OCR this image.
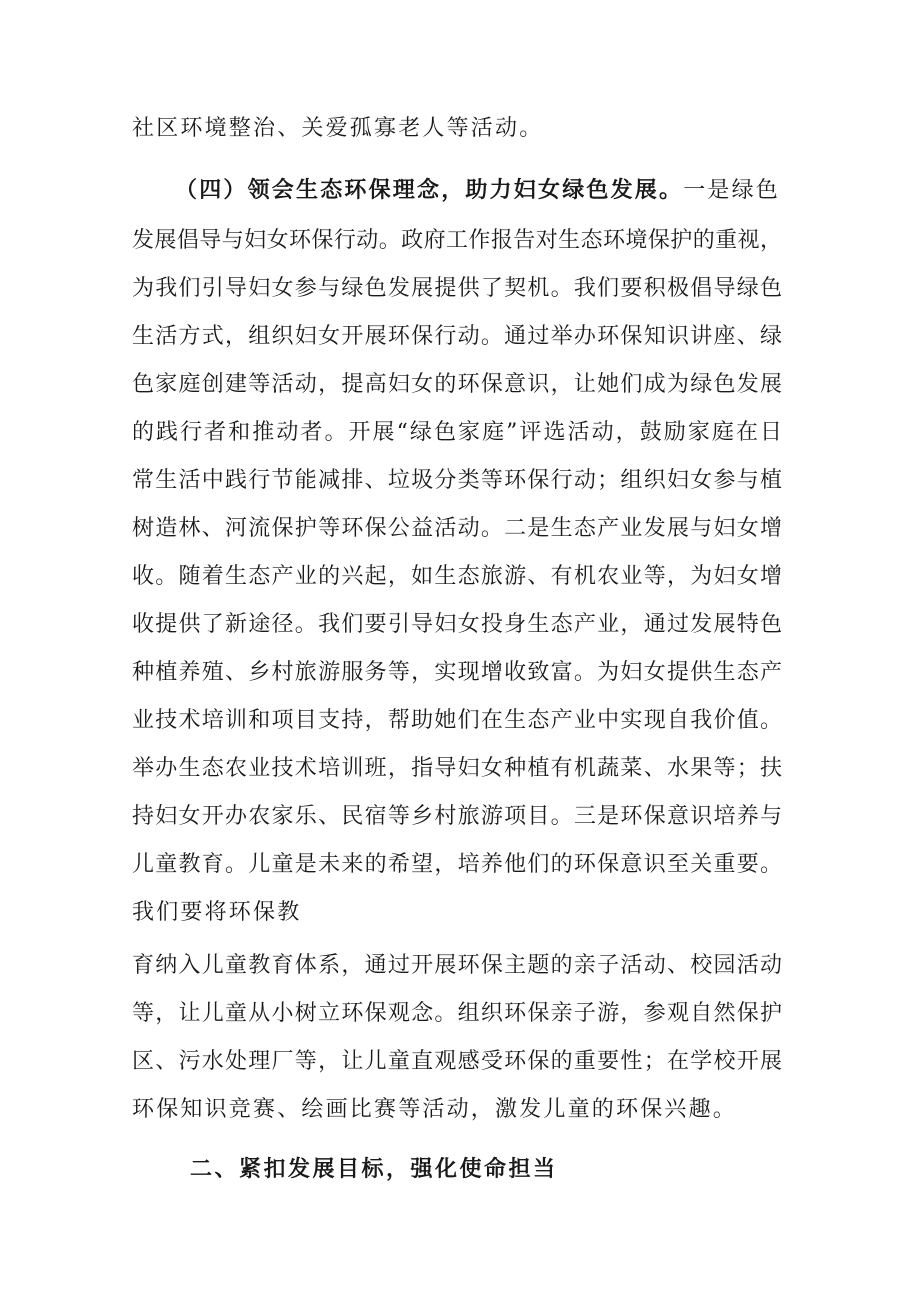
社区环境整治、关爱孤寡老人等活动。
（四）领会生态环保理念，助力妇女绿色发展。一是绿色
发展倡导与妇女环保行动。政府工作报告对生态环境保护的重视，
为我们引导妇女参与绿色发展提供了契机。我们要积极倡导绿色
生活方式，组织妇女开展环保行动。通过举办环保知识讲座、绿
色家庭创建等活动，提高妇女的环保意识，让她们成为绿色发展
的践行者和推动者。开展“绿色家庭”评选活动，鼓励家庭在日
常生活中践行节能减排、垃圾分类等环保行动；组织妇女参与植
树造林、河流保护等环保公益活动。二是生态产业发展与妇女增
收。随着生态产业的兴起，如生态旅游、有机农业等，为妇女增
收提供了新途径。我们要引导妇女投身生态产业，通过发展特色
种植养殖、乡村旅游服务等，实现增收致富。为妇女提供生态产
业技术培训和项目支持，帮助她们在生态产业中实现自我价值。
举办生态农业技术培训班，指导妇女种植有机蔬菜、水果等；扶
持妇女开办农家乐、民宿等乡村旅游项目。三是环保意识培养与
儿童教育。儿童是未来的希望，培养他们的环保意识至关重要。
我们要将环保教
育纳入儿童教育体系，通过开展环保主题的亲子活动、校园活动
等，让儿童从小树立环保观念。组织环保亲子游，参观自然保护
区、污水处理厂等，让儿童直观感受环保的重要性；在学校开展
环保知识竞赛、绘画比赛等活动，激发儿童的环保兴趣。
二、紧扣发展目标，强化使命担当
